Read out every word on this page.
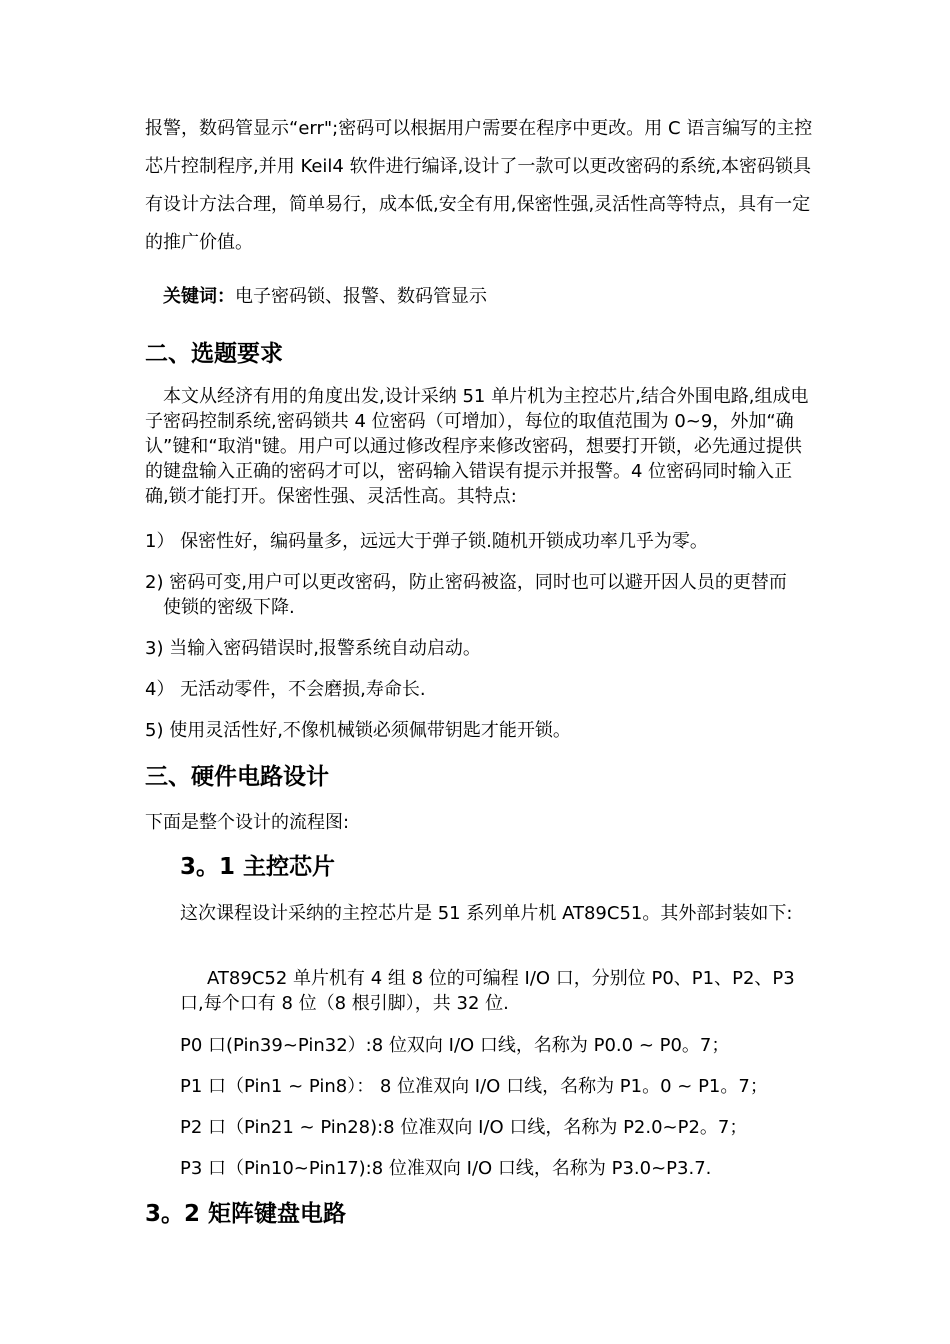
报警，数码管显示“err";密码可以根据用户需要在程序中更改。用 C 语言编写的主控芯片控制程序,并用 Keil4 软件进行编译,设计了一款可以更改密码的系统,本密码锁具有设计方法合理，简单易行，成本低,安全有用,保密性强,灵活性高等特点，具有一定的推广价值。

关键词：电子密码锁、报警、数码管显示

二、选题要求

本文从经济有用的角度出发,设计采纳 51 单片机为主控芯片,结合外围电路,组成电子密码控制系统,密码锁共 4 位密码（可增加），每位的取值范围为 0~9，外加“确认”键和“取消"键。用户可以通过修改程序来修改密码，想要打开锁，必先通过提供的键盘输入正确的密码才可以，密码输入错误有提示并报警。4 位密码同时输入正确,锁才能打开。保密性强、灵活性高。其特点:

1） 保密性好，编码量多，远远大于弹子锁.随机开锁成功率几乎为零。

2) 密码可变,用户可以更改密码，防止密码被盗，同时也可以避开因人员的更替而使锁的密级下降.

3) 当输入密码错误时,报警系统自动启动。

4） 无活动零件，不会磨损,寿命长.

5) 使用灵活性好,不像机械锁必须佩带钥匙才能开锁。

三、硬件电路设计

下面是整个设计的流程图:

3。1 主控芯片

这次课程设计采纳的主控芯片是 51 系列单片机 AT89C51。其外部封装如下:

AT89C52 单片机有 4 组 8 位的可编程 I/O 口，分别位 P0、P1、P2、P3 口,每个口有 8 位（8 根引脚），共 32 位.

P0 口(Pin39~Pin32）:8 位双向 I/O 口线，名称为 P0.0 ~ P0。7；

P1 口（Pin1 ~ Pin8）： 8 位准双向 I/O 口线，名称为 P1。0 ~ P1。7；

P2 口（Pin21 ~ Pin28):8 位准双向 I/O 口线，名称为 P2.0~P2。7；

P3 口（Pin10~Pin17):8 位准双向 I/O 口线，名称为 P3.0~P3.7.

3。2 矩阵键盘电路
